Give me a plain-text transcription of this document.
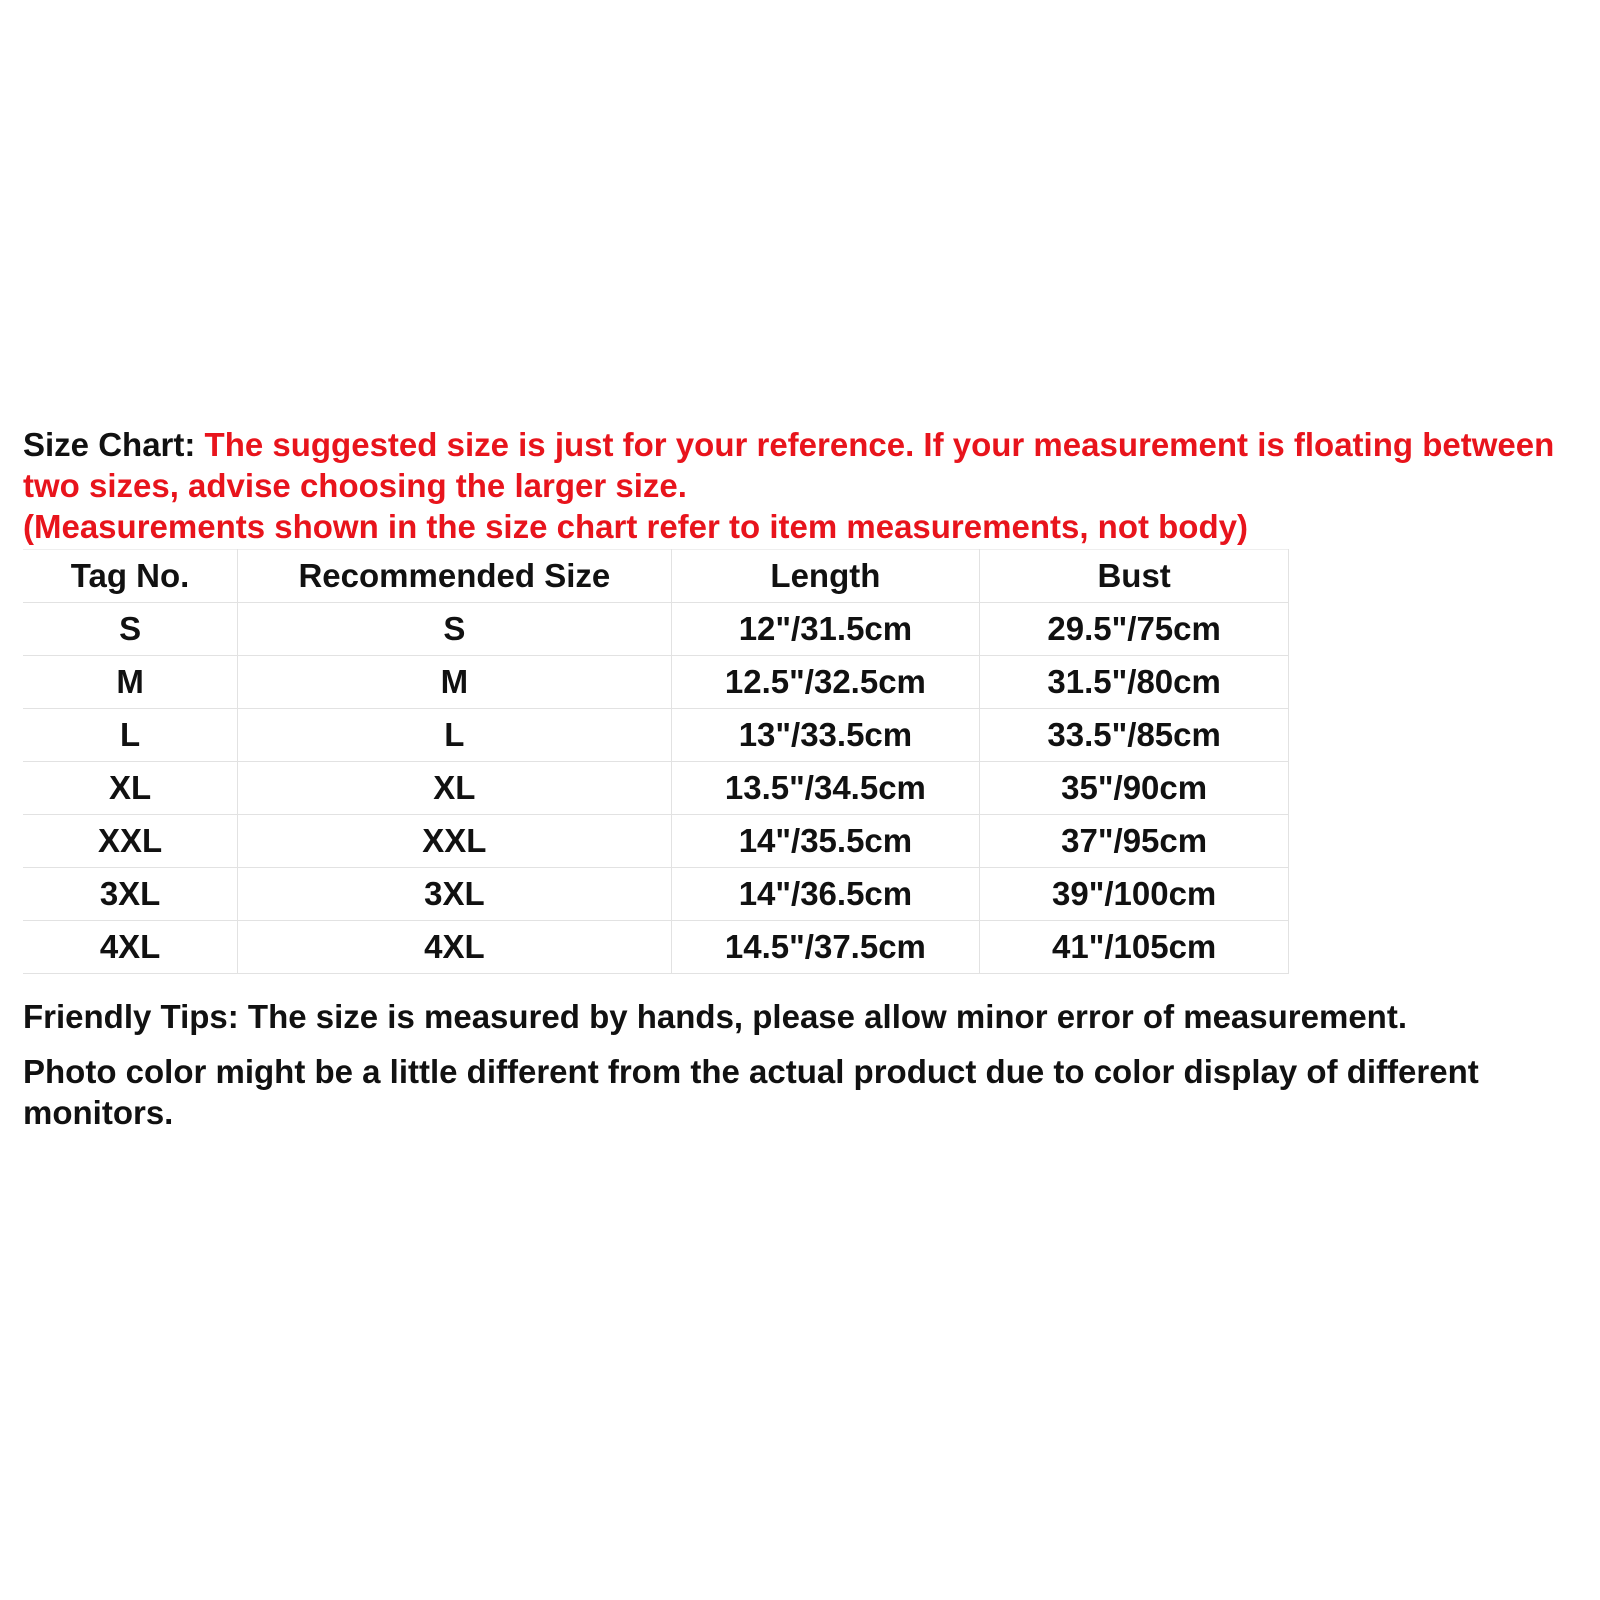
Size Chart: The suggested size is just for your reference. If your measurement is floating between two sizes, advise choosing the larger size.

(Measurements shown in the size chart refer to item measurements, not body)

Tag No.	Recommended Size	Length	Bust
S	S	12"/31.5cm	29.5"/75cm
M	M	12.5"/32.5cm	31.5"/80cm
L	L	13"/33.5cm	33.5"/85cm
XL	XL	13.5"/34.5cm	35"/90cm
XXL	XXL	14"/35.5cm	37"/95cm
3XL	3XL	14"/36.5cm	39"/100cm
4XL	4XL	14.5"/37.5cm	41"/105cm

Friendly Tips: The size is measured by hands, please allow minor error of measurement.

Photo color might be a little different from the actual product due to color display of different monitors.
